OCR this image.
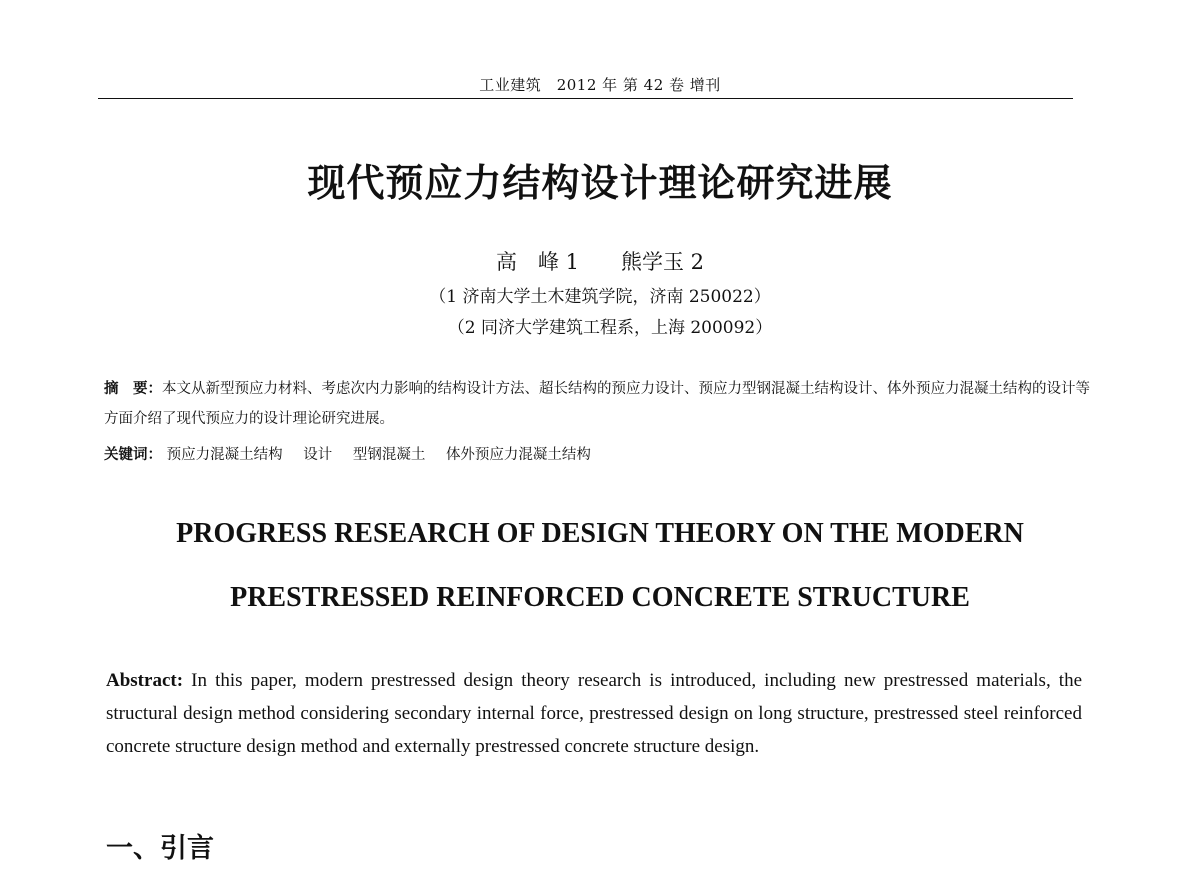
工业建筑　2012 年 第 42 卷 增刊
现代预应力结构设计理论研究进展
高　峰 1　　熊学玉 2
（1 济南大学土木建筑学院，济南 250022）
（2 同济大学建筑工程系，上海 200092）
摘　要：本文从新型预应力材料、考虑次内力影响的结构设计方法、超长结构的预应力设计、预应力型钢混凝土结构设计、体外预应力混凝土结构的设计等方面介绍了现代预应力的设计理论研究进展。
关键词： 预应力混凝土结构 设计 型钢混凝土 体外预应力混凝土结构
PROGRESS RESEARCH OF DESIGN THEORY ON THE MODERN
PRESTRESSED REINFORCED CONCRETE STRUCTURE
Abstract: In this paper, modern prestressed design theory research is introduced, including new prestressed materials, the structural design method considering secondary internal force, prestressed design on long structure, prestressed steel reinforced concrete structure design method and externally prestressed concrete structure design.
一、引言
